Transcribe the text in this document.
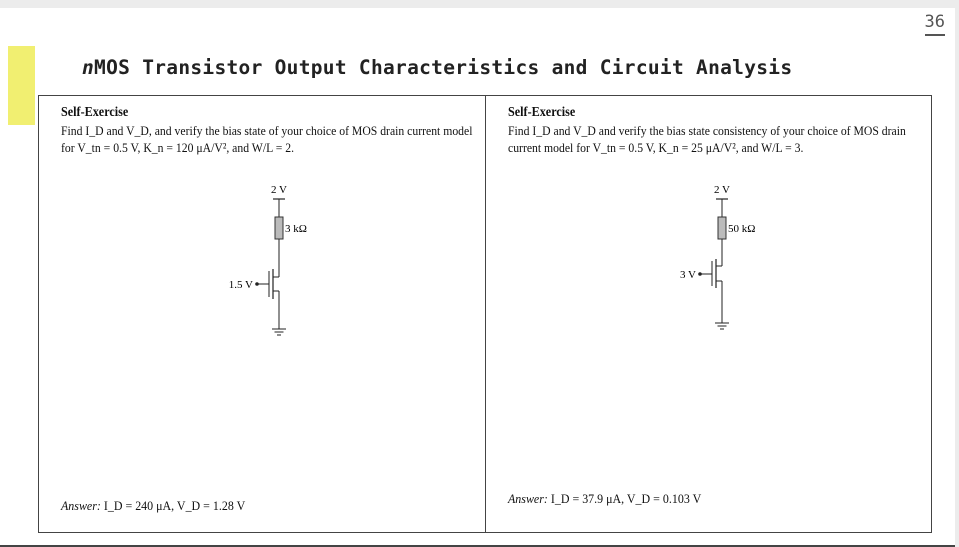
36
nMOS Transistor Output Characteristics and Circuit Analysis
Self-Exercise
Find I_D and V_D, and verify the bias state of your choice of MOS drain current model for V_tn = 0.5 V, K_n = 120 μA/V², and W/L = 2.
2 V
3 kΩ
1.5 V
Answer: I_D = 240 μA, V_D = 1.28 V
Self-Exercise
Find I_D and V_D and verify the bias state consistency of your choice of MOS drain current model for V_tn = 0.5 V, K_n = 25 μA/V², and W/L = 3.
2 V
50 kΩ
3 V
Answer: I_D = 37.9 μA, V_D = 0.103 V
